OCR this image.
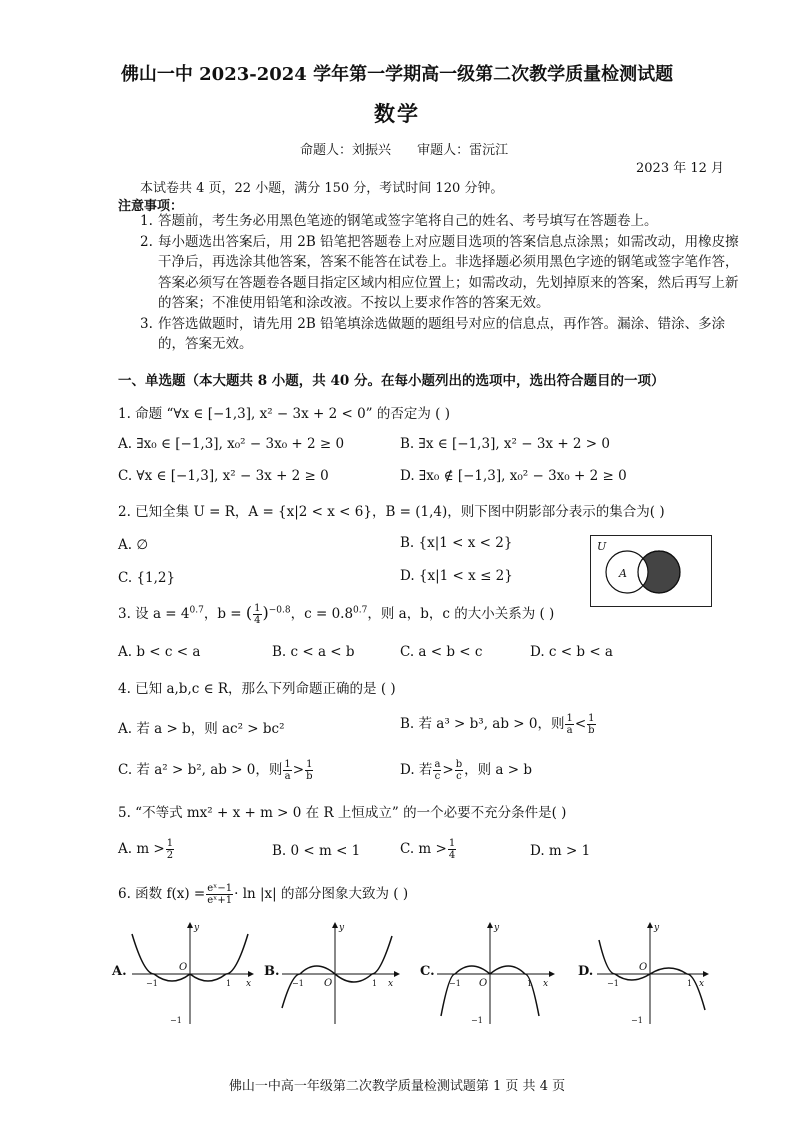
佛山一中 2023-2024 学年第一学期高一级第二次教学质量检测试题
数学
命题人：刘振兴 审题人：雷沅江
2023 年 12 月
本试卷共 4 页，22 小题，满分 150 分，考试时间 120 分钟。
注意事项：
1. 答题前，考生务必用黑色笔迹的钢笔或签字笔将自己的姓名、考号填写在答题卷上。
2. 每小题选出答案后，用 2B 铅笔把答题卷上对应题目选项的答案信息点涂黑；如需改动，用橡皮擦干净后，再选涂其他答案，答案不能答在试卷上。非选择题必须用黑色字迹的钢笔或签字笔作答，答案必须写在答题卷各题目指定区域内相应位置上；如需改动，先划掉原来的答案，然后再写上新的答案；不准使用铅笔和涂改液。不按以上要求作答的答案无效。
3. 作答选做题时，请先用 2B 铅笔填涂选做题的题组号对应的信息点，再作答。漏涂、错涂、多涂的，答案无效。
一、单选题（本大题共 8 小题，共 40 分。在每小题列出的选项中，选出符合题目的一项）
1. 命题 “∀x ∈ [−1,3], x² − 3x + 2 < 0” 的否定为 ( )
A. ∃x₀ ∈ [−1,3], x₀² − 3x₀ + 2 ≥ 0	B. ∃x ∈ [−1,3], x² − 3x + 2 > 0
C. ∀x ∈ [−1,3], x² − 3x + 2 ≥ 0	D. ∃x₀ ∉ [−1,3], x₀² − 3x₀ + 2 ≥ 0
2. 已知全集 U = R，A = {x|2 < x < 6}，B = (1,4)，则下图中阴影部分表示的集合为( )
A. ∅	B. {x|1 < x < 2}
C. {1,2}	D. {x|1 < x ≤ 2}
U
A
3. 设 $a = 4^{0.7}$，b = ( $\frac{1}{4} )^{-0.8}$，$c = 0.8^{0.7}$，则 a，b，c 的大小关系为 ( )
A. b < c < a	B. c < a < b	C. a < b < c	D. c < b < a
4. 已知 a,b,c ∈ R，那么下列命题正确的是 ( )
A. 若 a > b，则 ac² > bc²	B. 若 a³ > b³, ab > 0，则 $\frac{1}{a} < \frac{1}{b}$
C. 若 a² > b², ab > 0，则 $\frac{1}{a} > \frac{1}{b}$	D. 若 $\frac{a}{c} > \frac{b}{c}$ ，则 a > b
5. “不等式 mx² + x + m > 0 在 R 上恒成立” 的一个必要不充分条件是( )
A. $m > \frac{1}{2}$	B. 0 < m < 1	C. $m > \frac{1}{4}$	D. m > 1
6. 函数 $f(x) = \frac{\text{eˣ−1}}{\text{eˣ+1}} \cdot \ln |x|$ 的部分图象大致为 ( )
A.	B.	C.	D.
y
x
O
−1	1
−1
y
x
O
−1	1
y
x
O
−1	1
−1
y
x
O
−1	1
−1
佛山一中高一年级第二次教学质量检测试题第 1 页 共 4 页
